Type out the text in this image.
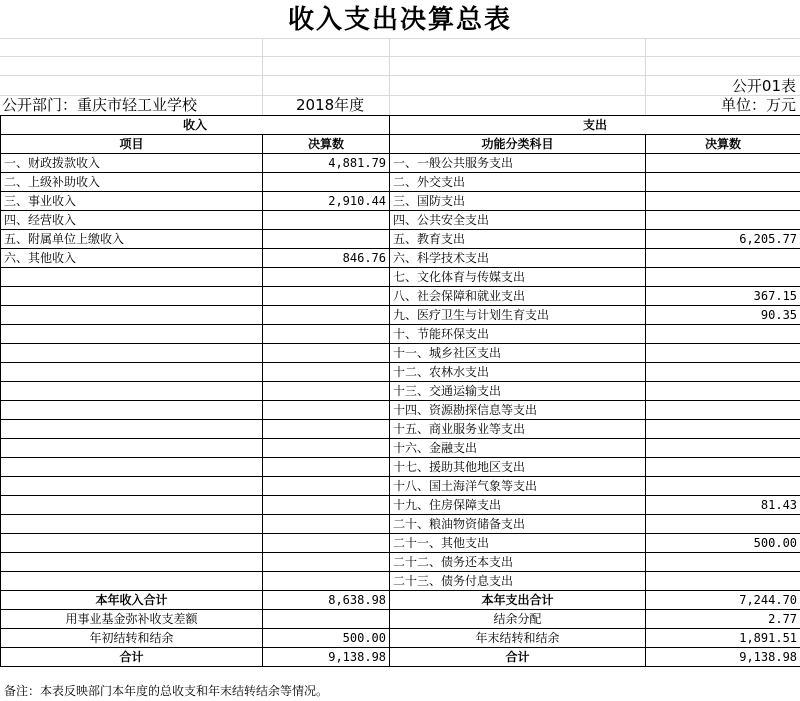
收入支出决算总表
公开01表
公开部门：重庆市轻工业学校	2018年度	单位：万元
收入		支出	
项目	决算数	功能分类科目	决算数
一、财政拨款收入	4,881.79	一、一般公共服务支出	
二、上级补助收入		二、外交支出	
三、事业收入	2,910.44	三、国防支出	
四、经营收入		四、公共安全支出	
五、附属单位上缴收入		五、教育支出	6,205.77
六、其他收入	846.76	六、科学技术支出	
		七、文化体育与传媒支出	
		八、社会保障和就业支出	367.15
		九、医疗卫生与计划生育支出	90.35
		十、节能环保支出	
		十一、城乡社区支出	
		十二、农林水支出	
		十三、交通运输支出	
		十四、资源勘探信息等支出	
		十五、商业服务业等支出	
		十六、金融支出	
		十七、援助其他地区支出	
		十八、国土海洋气象等支出	
		十九、住房保障支出	81.43
		二十、粮油物资储备支出	
		二十一、其他支出	500.00
		二十二、债务还本支出	
		二十三、债务付息支出	
本年收入合计	8,638.98	本年支出合计	7,244.70
用事业基金弥补收支差额		结余分配	2.77
年初结转和结余	500.00	年末结转和结余	1,891.51
合计	9,138.98	合计	9,138.98
备注：本表反映部门本年度的总收支和年末结转结余等情况。
